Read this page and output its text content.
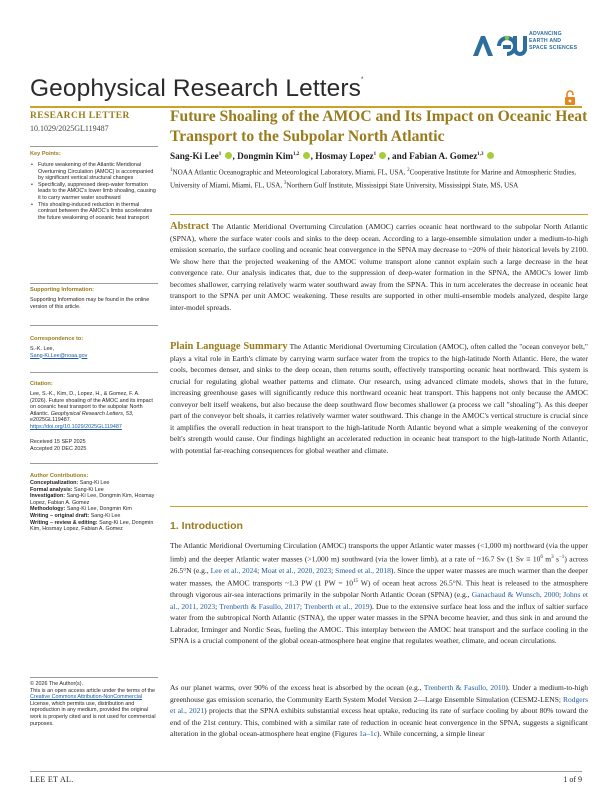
ADVANCING
EARTH AND
SPACE SCIENCES
Geophysical Research Letters*
RESEARCH LETTER
10.1029/2025GL119487
Key Points:
• Future weakening of the Atlantic Meridional Overturning Circulation (AMOC) is accompanied by significant vertical structural changes
• Specifically, suppressed deep-water formation leads to the AMOC's lower limb shoaling, causing it to carry warmer water southward
• This shoaling-induced reduction in thermal contrast between the AMOC's limbs accelerates the future weakening of oceanic heat transport
Supporting Information:

Supporting Information may be found in the online version of this article.

Correspondence to:

S.-K. Lee,

Sang-Ki.Lee@noaa.gov

Citation:

Lee, S.-K., Kim, D., Lopez, H., & Gomez, F. A. (2026). Future shoaling of the AMOC and its impact on oceanic heat transport to the subpolar North Atlantic. Geophysical Research Letters, 53, e2025GL119487. https://doi.org/10.1029/2025GL119487

Received 15 SEP 2025

Accepted 20 DEC 2025

Author Contributions:

Conceptualization: Sang-Ki Lee

Formal analysis: Sang-Ki Lee

Investigation: Sang-Ki Lee, Dongmin Kim, Hosmay Lopez, Fabian A. Gomez

Methodology: Sang-Ki Lee, Dongmin Kim

Writing – original draft: Sang-Ki Lee

Writing – review & editing: Sang-Ki Lee, Dongmin Kim, Hosmay Lopez, Fabian A. Gomez

© 2026 The Author(s).

This is an open access article under the terms of the Creative Commons Attribution-NonCommercial License, which permits use, distribution and reproduction in any medium, provided the original work is properly cited and is not used for commercial purposes.

Future Shoaling of the AMOC and Its Impact on Oceanic Heat Transport to the Subpolar North Atlantic
Sang-Ki Lee$^1$ , Dongmin Kim$^{1,2}$ , Hosmay Lopez$^1$ , and Fabian A. Gomez$^{1,3}$
$^1$NOAA Atlantic Oceanographic and Meteorological Laboratory, Miami, FL, USA, $^2$Cooperative Institute for Marine and Atmospheric Studies, University of Miami, Miami, FL, USA, $^3$Northern Gulf Institute, Mississippi State University, Mississippi State, MS, USA
Abstract The Atlantic Meridional Overturning Circulation (AMOC) carries oceanic heat northward to the subpolar North Atlantic (SPNA), where the surface water cools and sinks to the deep ocean. According to a large-ensemble simulation under a medium-to-high emission scenario, the surface cooling and oceanic heat convergence in the SPNA may decrease to ~20% of their historical levels by 2100. We show here that the projected weakening of the AMOC volume transport alone cannot explain such a large decrease in the heat convergence rate. Our analysis indicates that, due to the suppression of deep-water formation in the SPNA, the AMOC's lower limb becomes shallower, carrying relatively warm water southward away from the SPNA. This in turn accelerates the decrease in oceanic heat transport to the SPNA per unit AMOC weakening. These results are supported in other multi-ensemble models analyzed, despite large inter-model spreads.
Plain Language Summary The Atlantic Meridional Overturning Circulation (AMOC), often called the "ocean conveyor belt," plays a vital role in Earth's climate by carrying warm surface water from the tropics to the high-latitude North Atlantic. Here, the water cools, becomes denser, and sinks to the deep ocean, then returns south, effectively transporting oceanic heat northward. This system is crucial for regulating global weather patterns and climate. Our research, using advanced climate models, shows that in the future, increasing greenhouse gases will significantly reduce this northward oceanic heat transport. This happens not only because the AMOC conveyor belt itself weakens, but also because the deep southward flow becomes shallower (a process we call "shoaling"). As this deeper part of the conveyor belt shoals, it carries relatively warmer water southward. This change in the AMOC's vertical structure is crucial since it amplifies the overall reduction in heat transport to the high-latitude North Atlantic beyond what a simple weakening of the conveyor belt's strength would cause. Our findings highlight an accelerated reduction in oceanic heat transport to the high-latitude North Atlantic, with potential far-reaching consequences for global weather and climate.
1. Introduction
The Atlantic Meridional Overturning Circulation (AMOC) transports the upper Atlantic water masses (<1,000 m) northward (via the upper limb) and the deeper Atlantic water masses (>1,000 m) southward (via the lower limb), at a rate of ~16.7 Sv (1 $Sv \equiv 10^6$ $m^3$ $s^{-1}$) across 26.5°N (e.g., Lee et al., 2024; Moat et al., 2020, 2023; Smeed et al., 2018). Since the upper water masses are much warmer than the deeper water masses, the AMOC transports ~1.3 PW (1 PW = $10^{15}$ W) of ocean heat across 26.5°N. This heat is released to the atmosphere through vigorous air-sea interactions primarily in the subpolar North Atlantic Ocean (SPNA) (e.g., Ganachaud & Wunsch, 2000; Johns et al., 2011, 2023; Trenberth & Fasullo, 2017; Trenberth et al., 2019). Due to the extensive surface heat loss and the influx of saltier surface water from the subtropical North Atlantic (STNA), the upper water masses in the SPNA become heavier, and thus sink in and around the Labrador, Irminger and Nordic Seas, fueling the AMOC. This interplay between the AMOC heat transport and the surface cooling in the SPNA is a crucial component of the global ocean-atmosphere heat engine that regulates weather, climate, and ocean circulations.
As our planet warms, over 90% of the excess heat is absorbed by the ocean (e.g., Trenberth & Fasullo, 2010). Under a medium-to-high greenhouse gas emission scenario, the Community Earth System Model Version 2—Large Ensemble Simulation (CESM2-LENS; Rodgers et al., 2021) projects that the SPNA exhibits substantial excess heat uptake, reducing its rate of surface cooling by about 80% toward the end of the 21st century. This, combined with a similar rate of reduction in oceanic heat convergence in the SPNA, suggests a significant alteration in the global ocean-atmosphere heat engine (Figures 1a–1c). While concerning, a simple linear
LEE ET AL.	1 of 9
